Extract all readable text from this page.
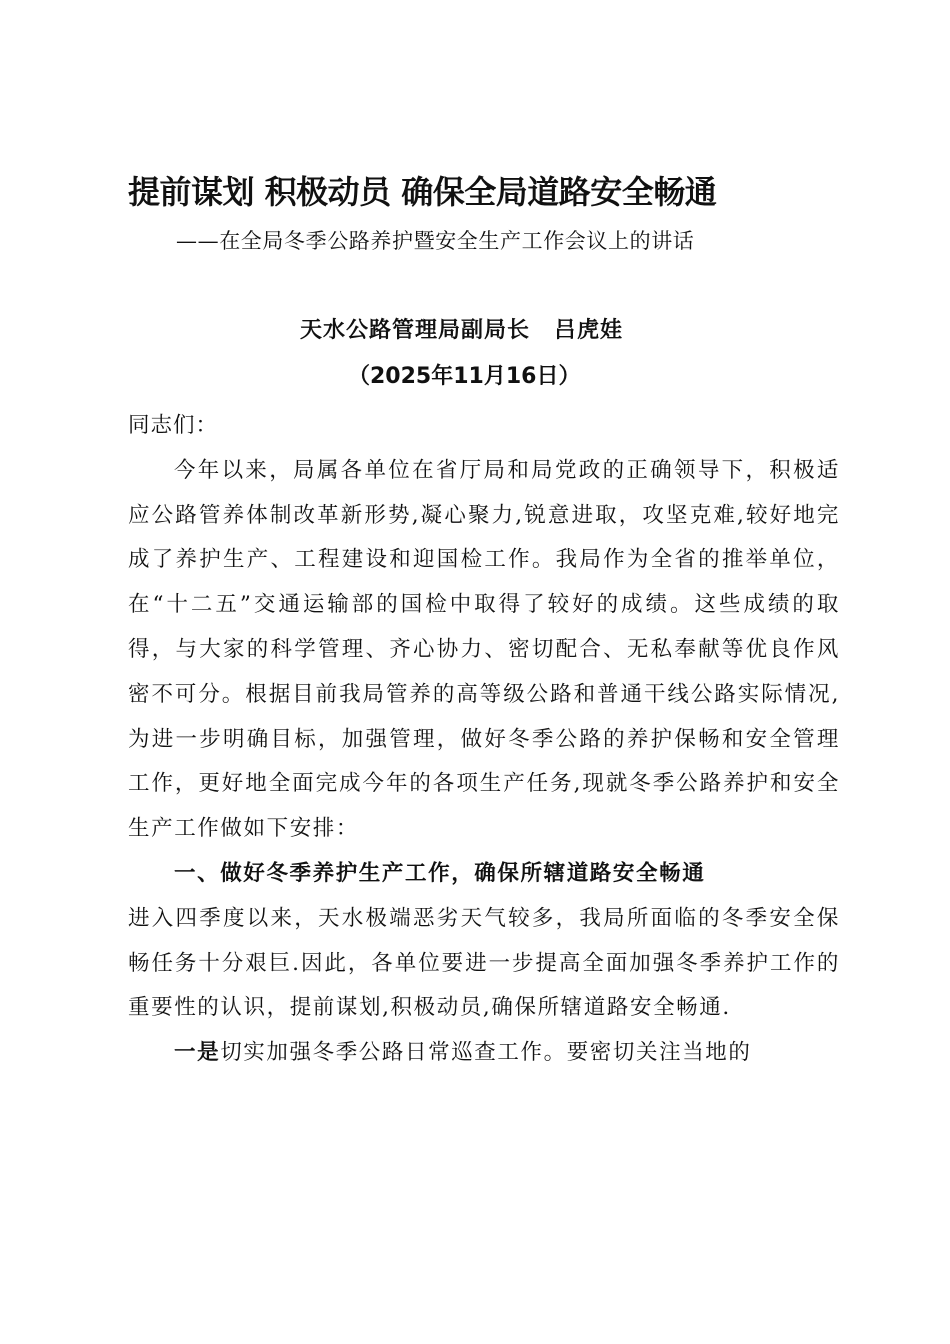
提前谋划 积极动员 确保全局道路安全畅通
——在全局冬季公路养护暨安全生产工作会议上的讲话
天水公路管理局副局长 吕虎娃
（2025年11月16日）

同志们：

今年以来，局属各单位在省厅局和局党政的正确领导下，积极适应公路管养体制改革新形势,凝心聚力,锐意进取，攻坚克难,较好地完成了养护生产、工程建设和迎国检工作。我局作为全省的推举单位，在“十二五”交通运输部的国检中取得了较好的成绩。这些成绩的取得，与大家的科学管理、齐心协力、密切配合、无私奉献等优良作风密不可分。根据目前我局管养的高等级公路和普通干线公路实际情况,为进一步明确目标，加强管理，做好冬季公路的养护保畅和安全管理工作，更好地全面完成今年的各项生产任务,现就冬季公路养护和安全生产工作做如下安排：

一、做好冬季养护生产工作，确保所辖道路安全畅通

进入四季度以来，天水极端恶劣天气较多，我局所面临的冬季安全保畅任务十分艰巨.因此，各单位要进一步提高全面加强冬季养护工作的重要性的认识，提前谋划,积极动员,确保所辖道路安全畅通.

一是切实加强冬季公路日常巡查工作。要密切关注当地的
